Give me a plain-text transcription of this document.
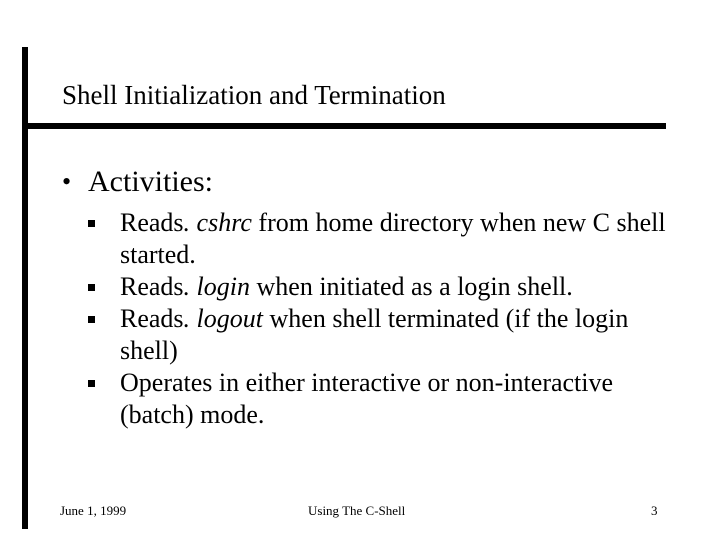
Shell Initialization and Termination
• Activities:
Reads. cshrc from home directory when new C shell started.
Reads. login when initiated as a login shell.
Reads. logout when shell terminated (if the login shell)
Operates in either interactive or non-interactive (batch) mode.
June 1, 1999	Using The C-Shell	3
